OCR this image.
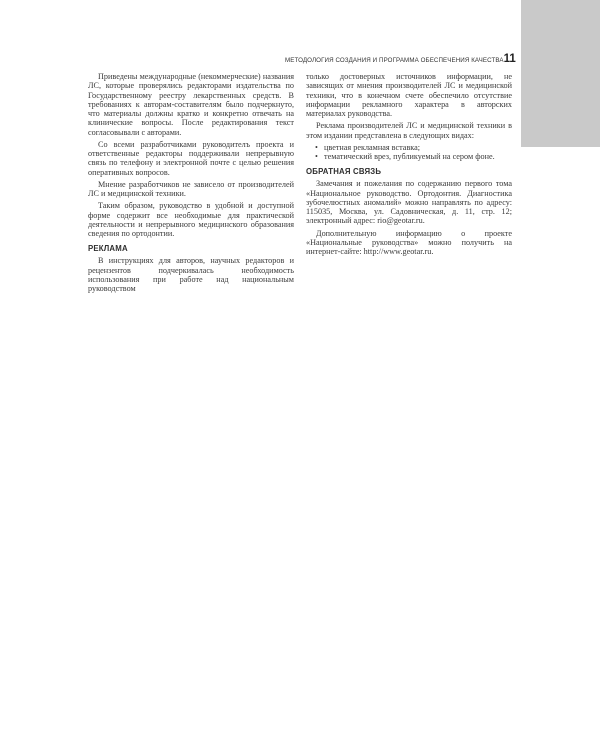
МЕТОДОЛОГИЯ СОЗДАНИЯ И ПРОГРАММА ОБЕСПЕЧЕНИЯ КАЧЕСТВА 11

Приведены международные (некоммерческие) названия ЛС, которые проверялись редакторами издательства по Государственному реестру лекарственных средств. В требованиях к авторам-составителям было подчеркнуто, что материалы должны кратко и конкретно отвечать на клинические вопросы. После редактирования текст согласовывали с авторами.

Со всеми разработчиками руководителъ проекта и ответственные редакторы поддерживали непрерывную связь по телефону и электронной почте с целью решения оперативных вопросов.

Мнение разработчиков не зависело от производителей ЛС и медицинской техники.

Таким образом, руководство в удобной и доступной форме содержит все необходимые для практической деятельности и непрерывного медицинского образования сведения по ортодонтии.

РЕКЛАМА

В инструкциях для авторов, научных редакторов и рецензентов подчеркивалась необходимость использования при работе над национальным руководством

только достоверных источников информации, не зависящих от мнения производителей ЛС и медицинской техники, что в конечном счете обеспечило отсутствие информации рекламного характера в авторских материалах руководства.

Реклама производителей ЛС и медицинской техники в этом издании представлена в следующих видах:

• цветная рекламная вставка;
• тематический врез, публикуемый на сером фоне.
ОБРАТНАЯ СВЯЗЬ

Замечания и пожелания по содержанию первого тома «Национальное руководство. Ортодонтия. Диагностика зубочелюстных аномалий» можно направлять по адресу: 115035, Москва, ул. Садовническая, д. 11, стр. 12; электронный адрес: rio@geotar.ru.

Дополнительную информацию о проекте «Национальные руководства» можно получить на интернет-сайте: http://www.geotar.ru.
